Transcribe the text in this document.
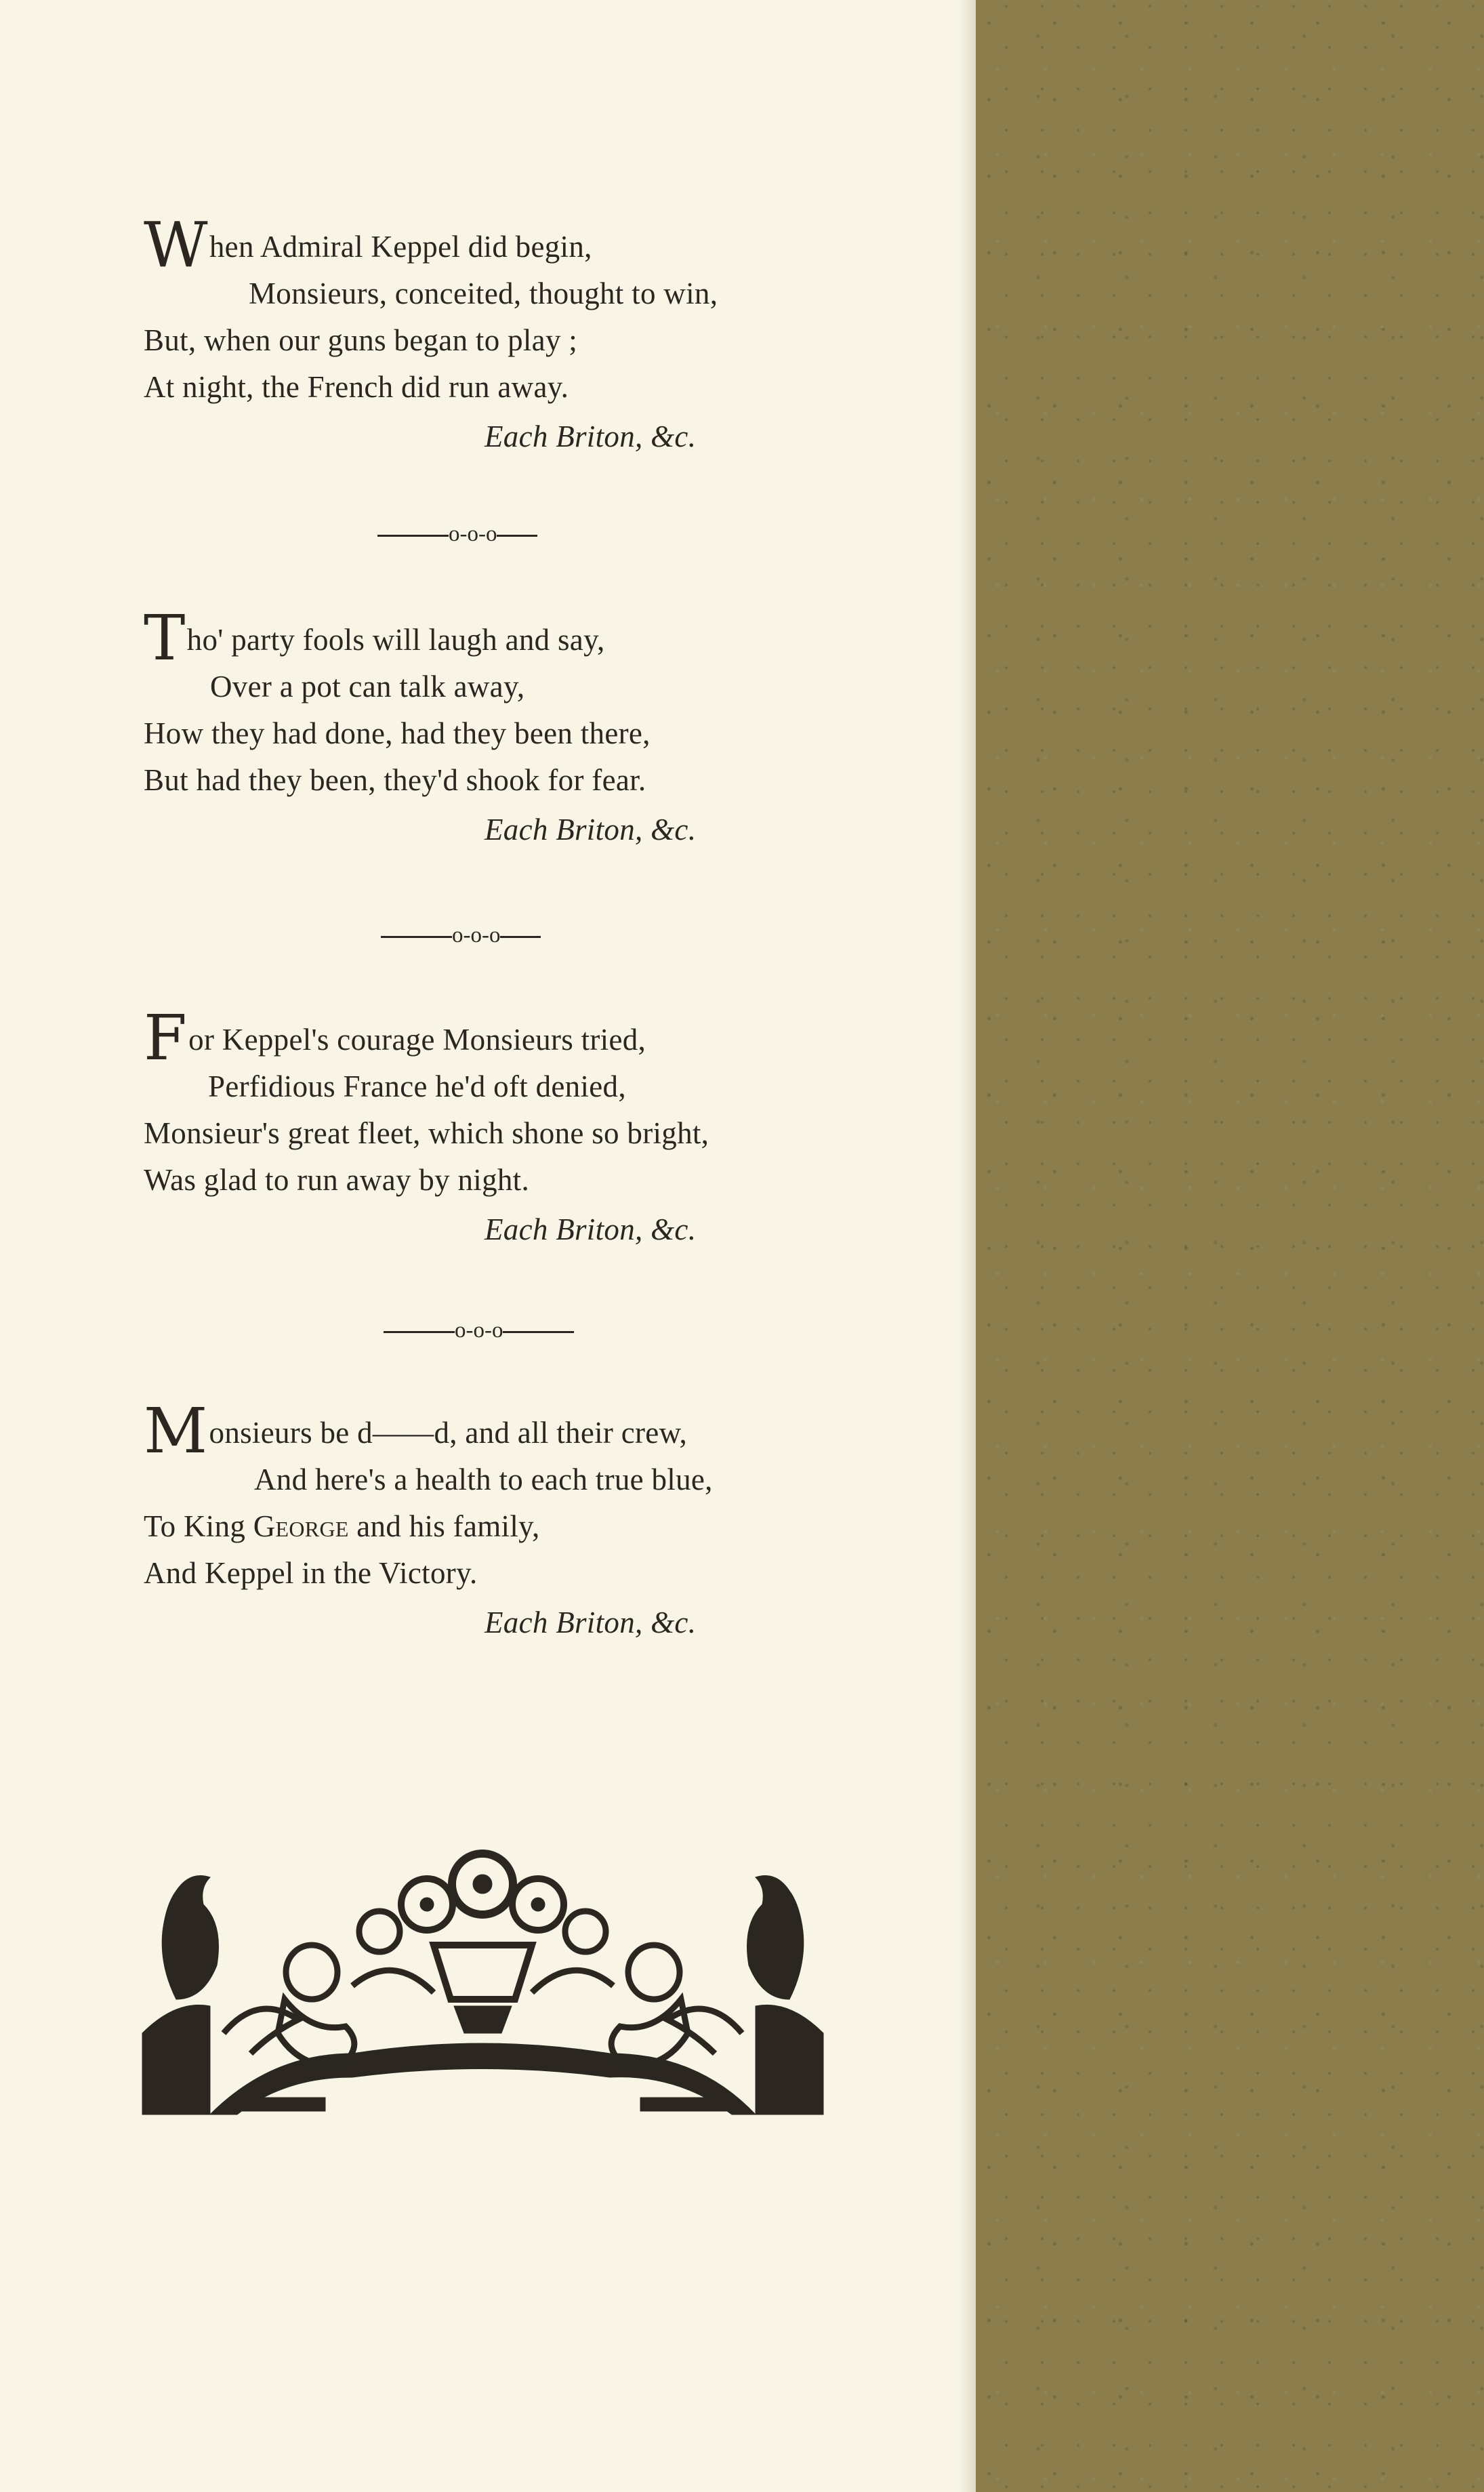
When Admiral Keppel did begin,
Monsieurs, conceited, thought to win,
But, when our guns began to play ;
At night, the French did run away.
Each Briton, &c.
o-o-o
Tho' party fools will laugh and say,
Over a pot can talk away,
How they had done, had they been there,
But had they been, they'd shook for fear.
Each Briton, &c.
o-o-o
For Keppel's courage Monsieurs tried,
Perfidious France he'd oft denied,
Monsieur's great fleet, which shone so bright,
Was glad to run away by night.
Each Briton, &c.
o-o-o
Monsieurs be d——d, and all their crew,
And here's a health to each true blue,
To King George and his family,
And Keppel in the Victory.
Each Briton, &c.
